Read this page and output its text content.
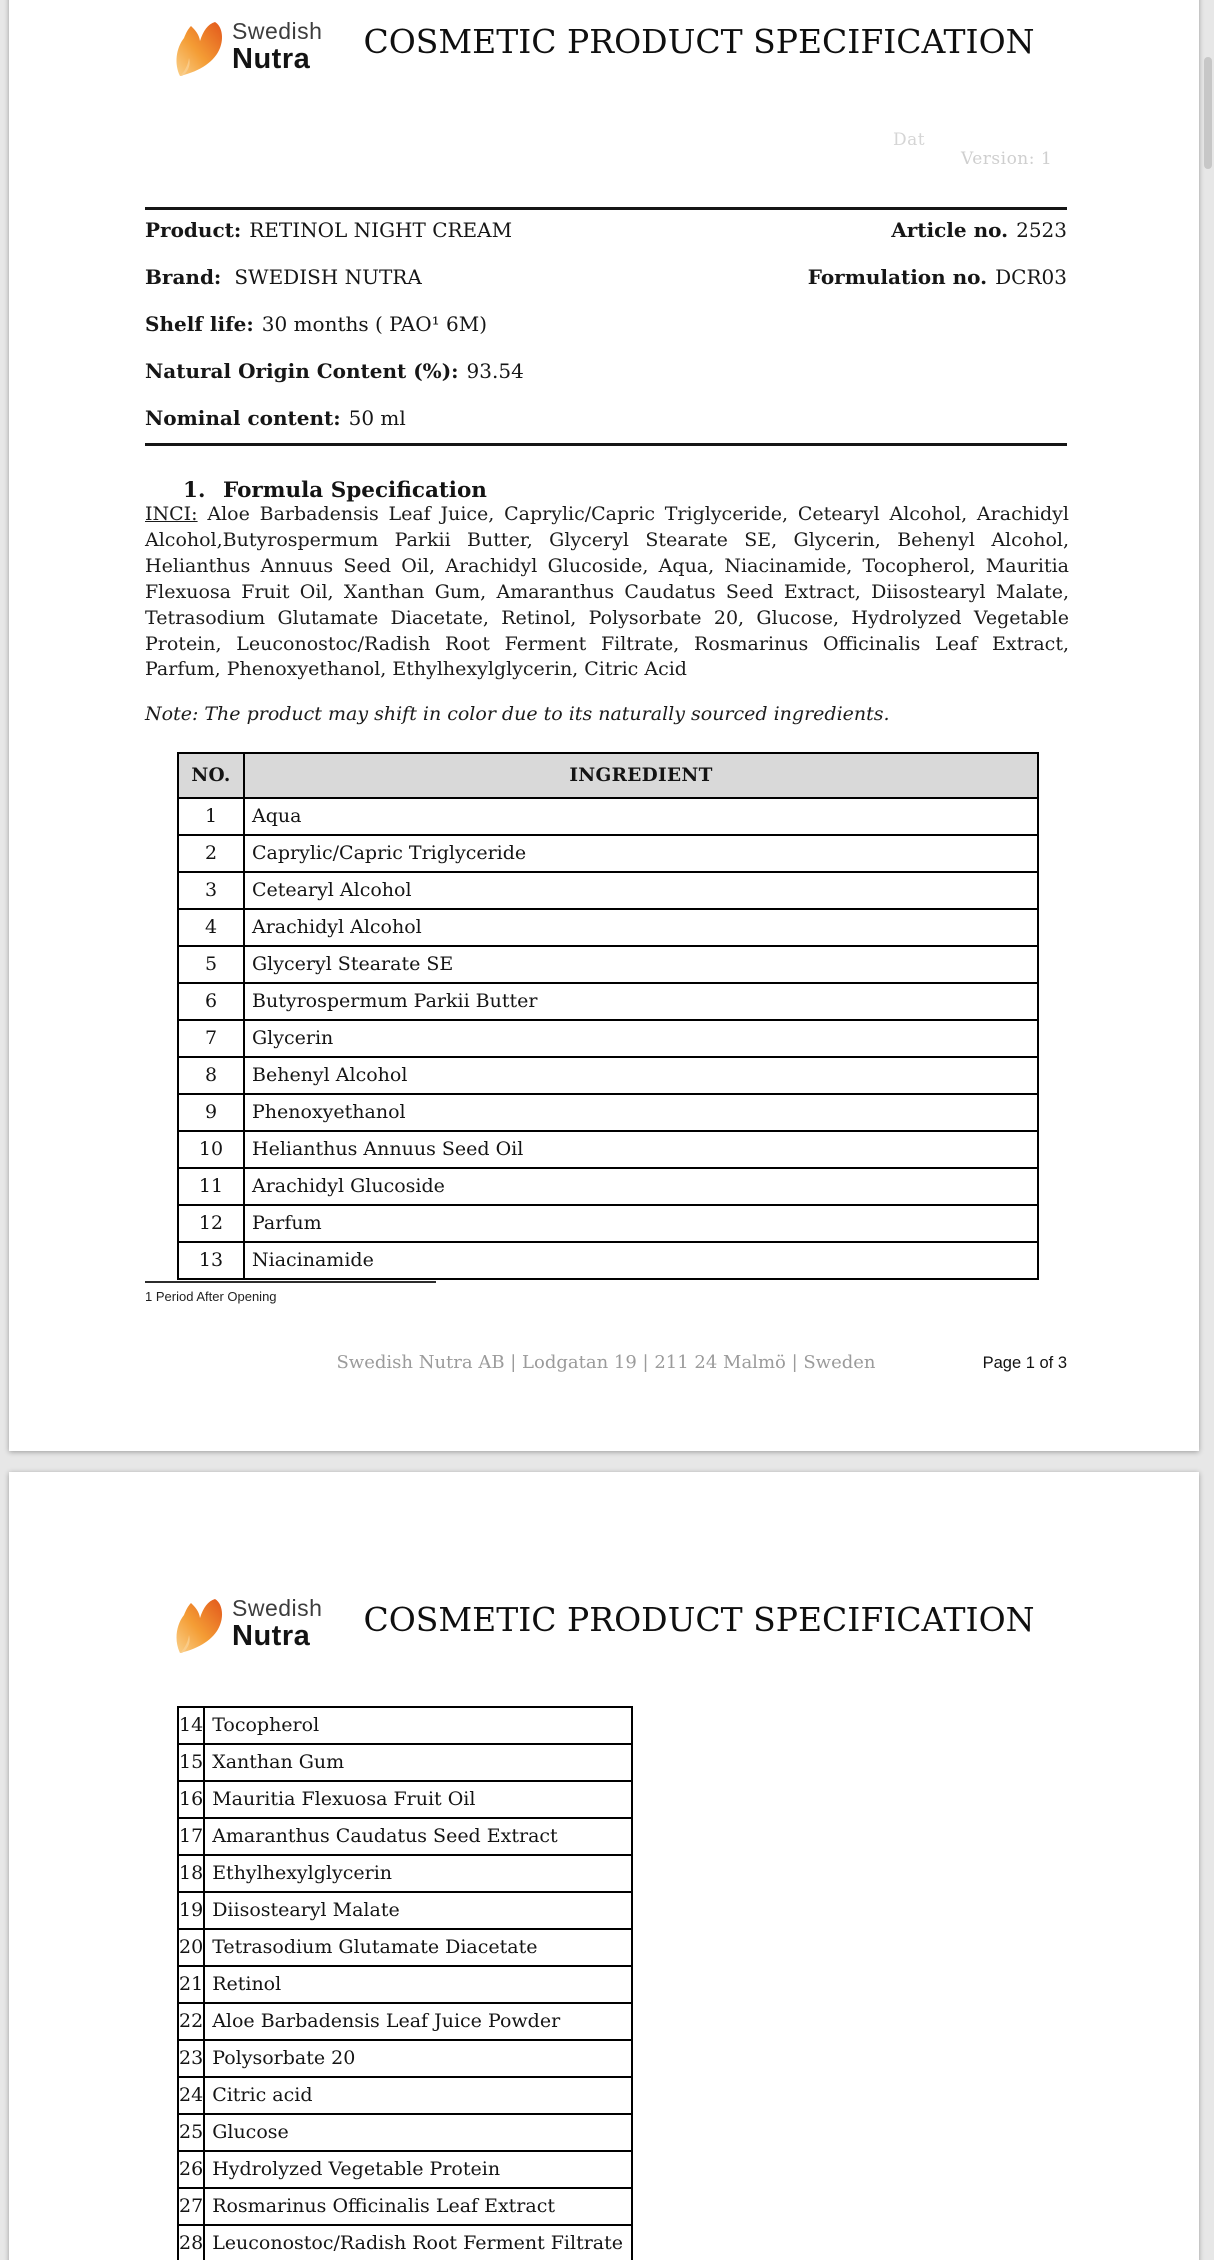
Swedish
Nutra	COSMETIC PRODUCT SPECIFICATION
Dat
Version: 1
Product: RETINOL NIGHT CREAM	Article no. 2523
Brand: SWEDISH NUTRA	Formulation no. DCR03
Shelf life: 30 months ( PAO¹ 6M)
Natural Origin Content (%): 93.54
Nominal content: 50 ml
1. Formula Specification
INCI: Aloe Barbadensis Leaf Juice, Caprylic/Capric Triglyceride, Cetearyl Alcohol, Arachidyl Alcohol,Butyrospermum Parkii Butter, Glyceryl Stearate SE, Glycerin, Behenyl Alcohol, Helianthus Annuus Seed Oil, Arachidyl Glucoside, Aqua, Niacinamide, Tocopherol, Mauritia Flexuosa Fruit Oil, Xanthan Gum, Amaranthus Caudatus Seed Extract, Diisostearyl Malate, Tetrasodium Glutamate Diacetate, Retinol, Polysorbate 20, Glucose, Hydrolyzed Vegetable Protein, Leuconostoc/Radish Root Ferment Filtrate, Rosmarinus Officinalis Leaf Extract, Parfum, Phenoxyethanol, Ethylhexylglycerin, Citric Acid
Note: The product may shift in color due to its naturally sourced ingredients.
NO.	INGREDIENT
1	Aqua
2	Caprylic/Capric Triglyceride
3	Cetearyl Alcohol
4	Arachidyl Alcohol
5	Glyceryl Stearate SE
6	Butyrospermum Parkii Butter
7	Glycerin
8	Behenyl Alcohol
9	Phenoxyethanol
10	Helianthus Annuus Seed Oil
11	Arachidyl Glucoside
12	Parfum
13	Niacinamide
1 Period After Opening
Swedish Nutra AB | Lodgatan 19 | 211 24 Malmö | Sweden	Page 1 of 3
Swedish
Nutra	COSMETIC PRODUCT SPECIFICATION
14	Tocopherol
15	Xanthan Gum
16	Mauritia Flexuosa Fruit Oil
17	Amaranthus Caudatus Seed Extract
18	Ethylhexylglycerin
19	Diisostearyl Malate
20	Tetrasodium Glutamate Diacetate
21	Retinol
22	Aloe Barbadensis Leaf Juice Powder
23	Polysorbate 20
24	Citric acid
25	Glucose
26	Hydrolyzed Vegetable Protein
27	Rosmarinus Officinalis Leaf Extract
28	Leuconostoc/Radish Root Ferment Filtrate
